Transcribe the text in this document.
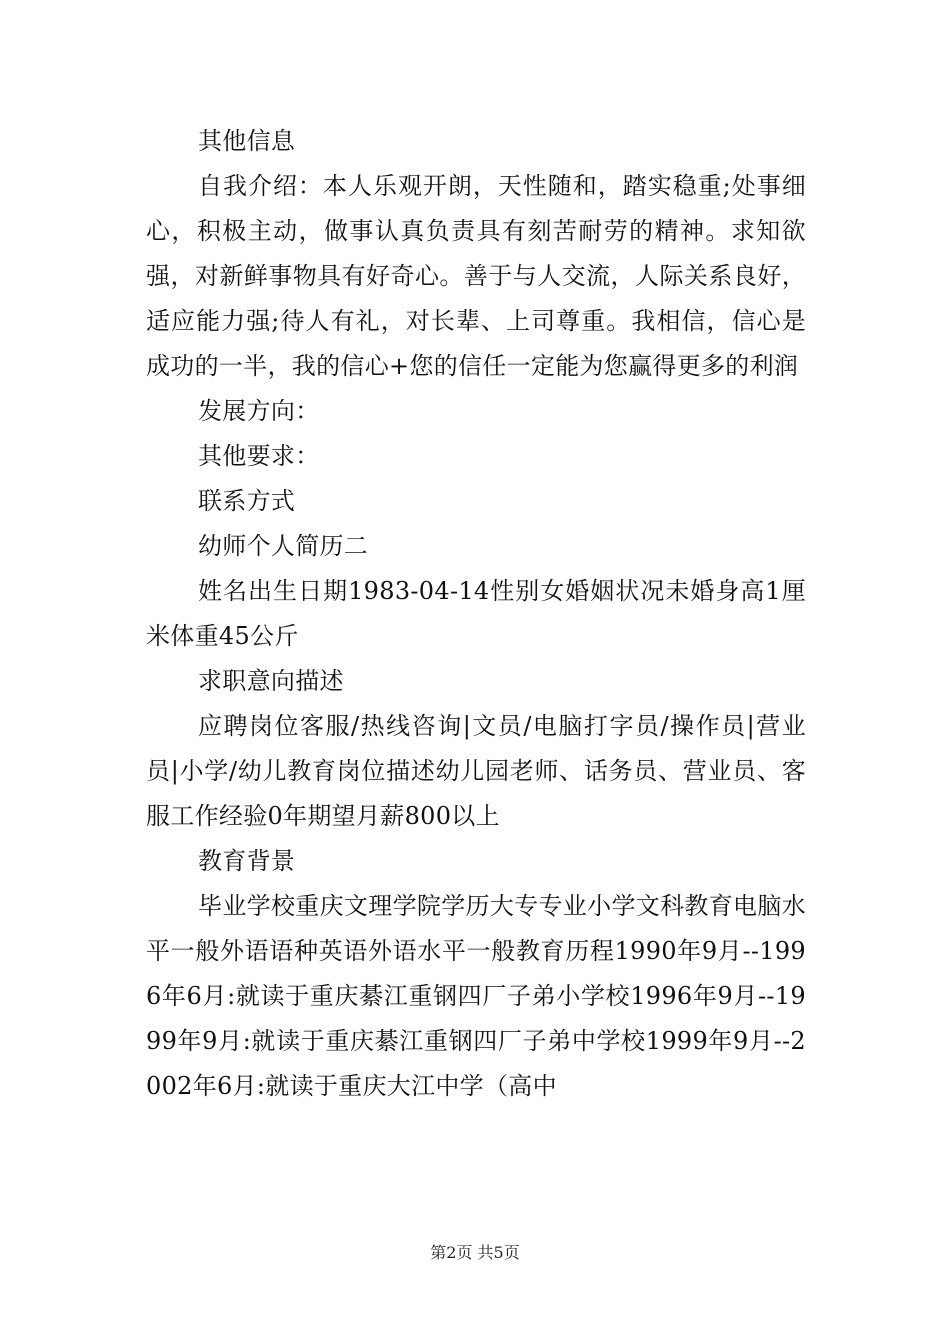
其他信息

自我介绍：本人乐观开朗，天性随和，踏实稳重;处事细心，积极主动，做事认真负责具有刻苦耐劳的精神。求知欲强，对新鲜事物具有好奇心。善于与人交流，人际关系良好，适应能力强;待人有礼，对长辈、上司尊重。我相信，信心是成功的一半，我的信心+您的信任一定能为您赢得更多的利润

发展方向：

其他要求：

联系方式

幼师个人简历二

姓名出生日期1983-04-14性别女婚姻状况未婚身高1厘米体重45公斤

求职意向描述

应聘岗位客服/热线咨询|文员/电脑打字员/操作员|营业员|小学/幼儿教育岗位描述幼儿园老师、话务员、营业员、客服工作经验0年期望月薪800以上

教育背景

毕业学校重庆文理学院学历大专专业小学文科教育电脑水平一般外语语种英语外语水平一般教育历程1990年9月--1996年6月:就读于重庆綦江重钢四厂子弟小学校1996年9月--1999年9月:就读于重庆綦江重钢四厂子弟中学校1999年9月--2002年6月:就读于重庆大江中学（高中

第2页 共5页
